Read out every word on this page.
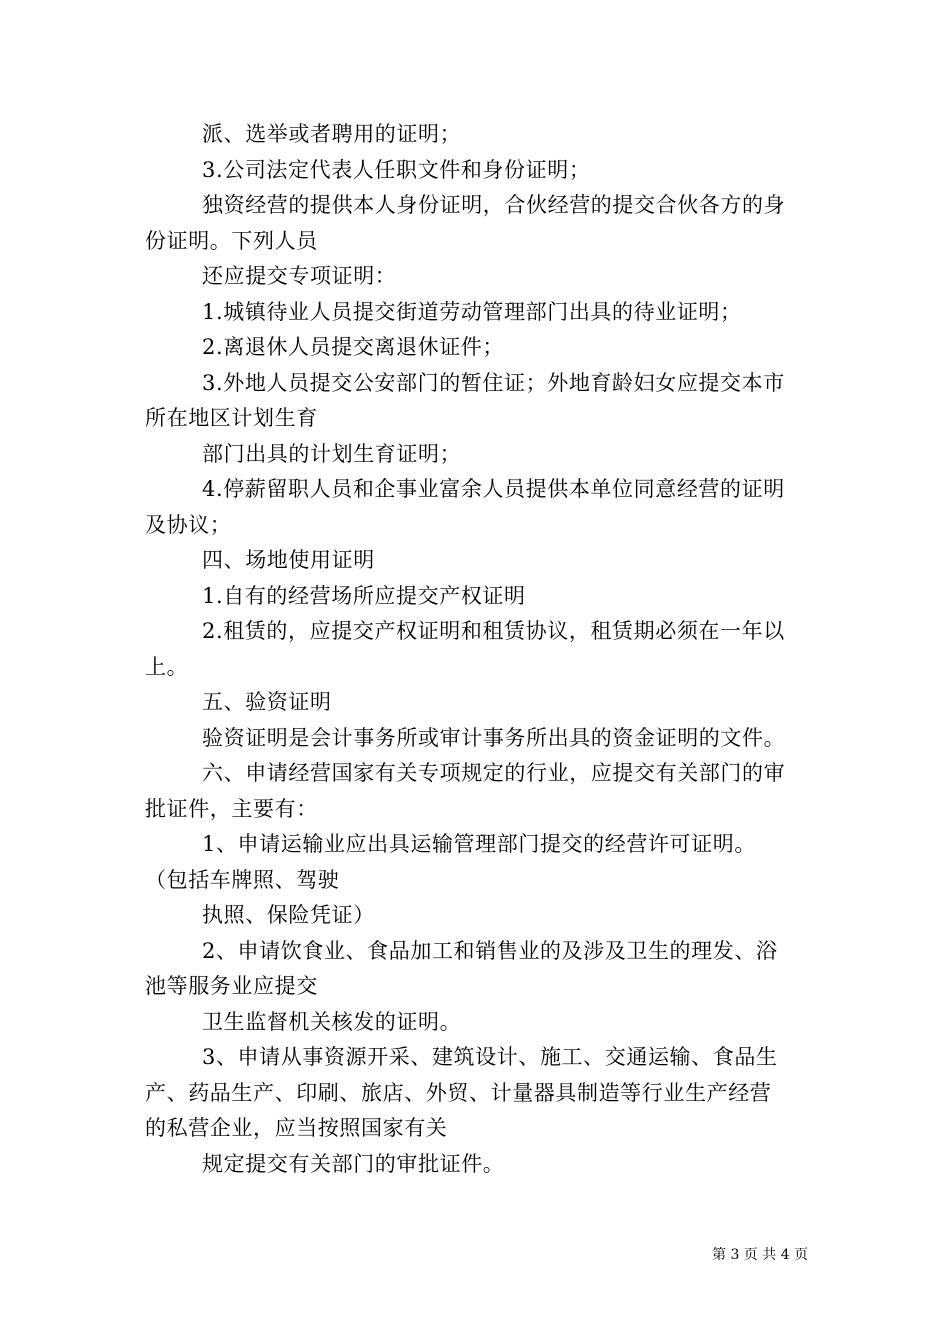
派、选举或者聘用的证明；

3.公司法定代表人任职文件和身份证明；

独资经营的提供本人身份证明，合伙经营的提交合伙各方的身

份证明。下列人员

还应提交专项证明：

1.城镇待业人员提交街道劳动管理部门出具的待业证明；

2.离退休人员提交离退休证件；

3.外地人员提交公安部门的暂住证；外地育龄妇女应提交本市

所在地区计划生育

部门出具的计划生育证明；

4.停薪留职人员和企事业富余人员提供本单位同意经营的证明

及协议；

四、场地使用证明

1.自有的经营场所应提交产权证明

2.租赁的，应提交产权证明和租赁协议，租赁期必须在一年以

上。

五、验资证明

验资证明是会计事务所或审计事务所出具的资金证明的文件。

六、申请经营国家有关专项规定的行业，应提交有关部门的审

批证件，主要有：

1、申请运输业应出具运输管理部门提交的经营许可证明。

（包括车牌照、驾驶

执照、保险凭证）

2、申请饮食业、食品加工和销售业的及涉及卫生的理发、浴

池等服务业应提交

卫生监督机关核发的证明。

3、申请从事资源开采、建筑设计、施工、交通运输、食品生

产、药品生产、印刷、旅店、外贸、计量器具制造等行业生产经营

的私营企业，应当按照国家有关

规定提交有关部门的审批证件。

第 3 页 共 4 页
